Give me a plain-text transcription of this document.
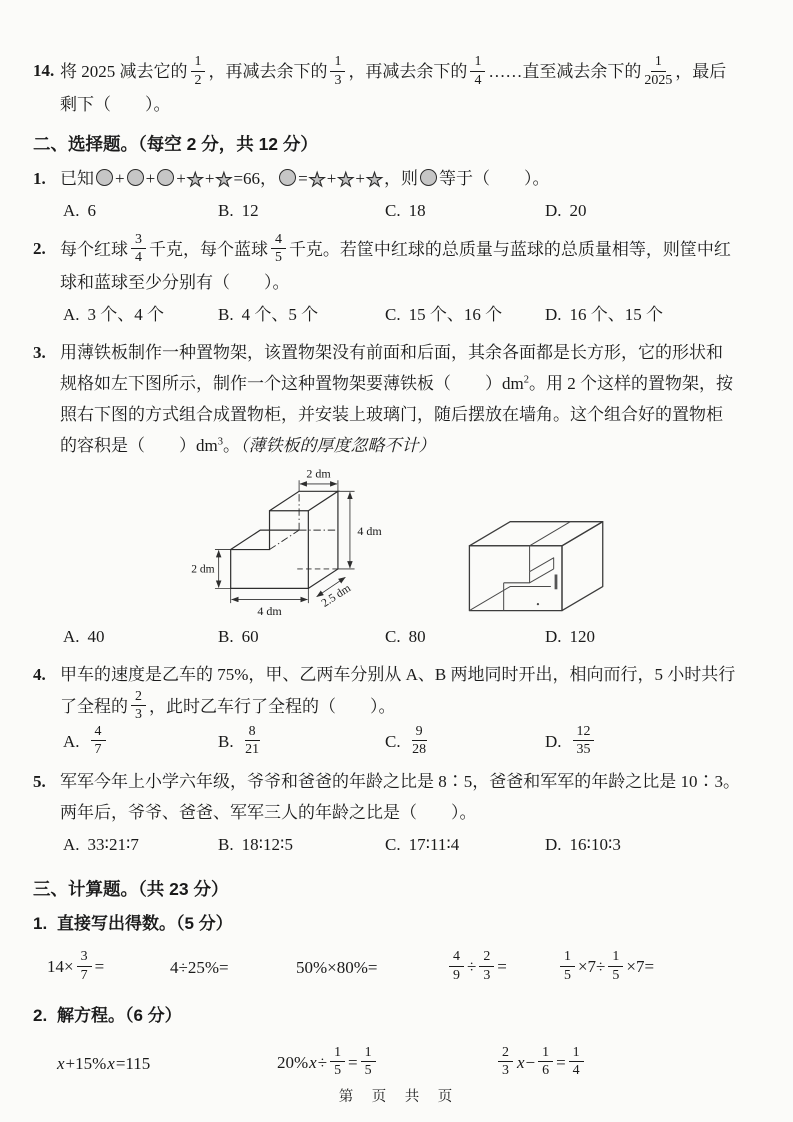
14. 将 2025 减去它的 $\frac{1}{2}$ ，再减去余下的 $\frac{1}{3}$ ，再减去余下的 $\frac{1}{4}$ ……直至减去余下的 $\frac{1}{2025}$ ，最后
剩下（　　）。
二、选择题。（每空 2 分，共 12 分）
1. 已知 + + +★+★=66， =★+★+★，则 等于（　　）。
A. 6	B. 12	C. 18	D. 20
2. 每个红球 $\frac{3}{4}$ 千克，每个蓝球 $\frac{4}{5}$ 千克。若筐中红球的总质量与蓝球的总质量相等，则筐中红
球和蓝球至少分别有（　　）。
A. 3 个、4 个	B. 4 个、5 个	C. 15 个、16 个	D. 16 个、15 个
3. 用薄铁板制作一种置物架，该置物架没有前面和后面，其余各面都是长方形，它的形状和
规格如左下图所示，制作一个这种置物架要薄铁板（　　）$dm^2$。用 2 个这样的置物架，按
照右下图的方式组合成置物柜，并安装上玻璃门，随后摆放在墙角。这个组合好的置物柜
的容积是（　　）$dm^3$。（薄铁板的厚度忽略不计）
2 dm
4 dm
2 dm
4 dm
2.5 dm
A. 40	B. 60	C. 80	D. 120
4. 甲车的速度是乙车的 75%，甲、乙两车分别从 A、B 两地同时开出，相向而行，5 小时共行
了全程的 $\frac{2}{3}$ ，此时乙车行了全程的（　　）。
A. $\frac{4}{7}$	B. $\frac{8}{21}$	C. $\frac{9}{28}$	D. $\frac{12}{35}$
5. 军军今年上小学六年级，爷爷和爸爸的年龄之比是 8∶5，爸爸和军军的年龄之比是 10∶3。
两年后，爷爷、爸爸、军军三人的年龄之比是（　　）。
A. 33∶21∶7	B. 18∶12∶5	C. 17∶11∶4	D. 16∶10∶3
三、计算题。（共 23 分）
1. 直接写出得数。（5 分）
$14\times \frac{3}{7}$ =	4÷25%=	50%×80%=	$\frac{4}{9} \div \frac{2}{3}$ =	$\frac{1}{5} \times 7\div \frac{1}{5} \times 7=$
2. 解方程。（6 分）
x+15%x=115	$20\%x\div \frac{1}{5} = \frac{1}{5}$	$\frac{2}{3} x- \frac{1}{6} = \frac{1}{4}$
第　页　共　页
